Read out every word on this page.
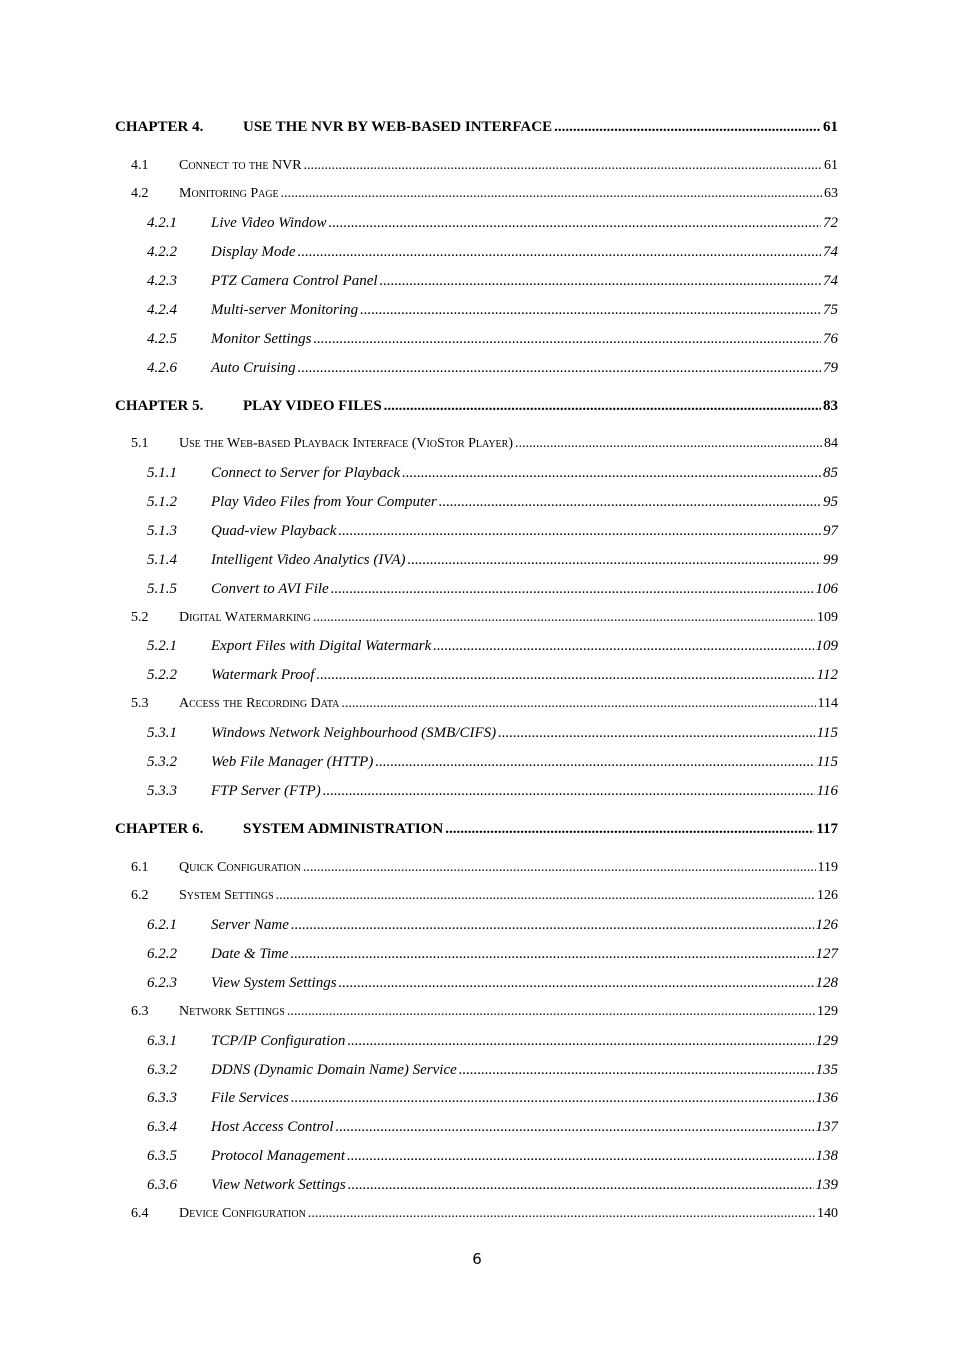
CHAPTER 4.	USE THE NVR BY WEB-BASED INTERFACE .....	61
4.1	Connect to the NVR .....	61
4.2	Monitoring Page .....	63
4.2.1	Live Video Window .....	72
4.2.2	Display Mode .....	74
4.2.3	PTZ Camera Control Panel .....	74
4.2.4	Multi-server Monitoring .....	75
4.2.5	Monitor Settings .....	76
4.2.6	Auto Cruising .....	79
CHAPTER 5.	PLAY VIDEO FILES .....	83
5.1	Use the Web-based Playback Interface (VioStor Player) .....	84
5.1.1	Connect to Server for Playback .....	85
5.1.2	Play Video Files from Your Computer .....	95
5.1.3	Quad-view Playback .....	97
5.1.4	Intelligent Video Analytics (IVA) .....	99
5.1.5	Convert to AVI File .....	106
5.2	Digital Watermarking .....	109
5.2.1	Export Files with Digital Watermark .....	109
5.2.2	Watermark Proof .....	112
5.3	Access the Recording Data .....	114
5.3.1	Windows Network Neighbourhood (SMB/CIFS) .....	115
5.3.2	Web File Manager (HTTP) .....	115
5.3.3	FTP Server (FTP) .....	116
CHAPTER 6.	SYSTEM ADMINISTRATION .....	117
6.1	Quick Configuration .....	119
6.2	System Settings .....	126
6.2.1	Server Name .....	126
6.2.2	Date & Time .....	127
6.2.3	View System Settings .....	128
6.3	Network Settings .....	129
6.3.1	TCP/IP Configuration .....	129
6.3.2	DDNS (Dynamic Domain Name) Service .....	135
6.3.3	File Services .....	136
6.3.4	Host Access Control .....	137
6.3.5	Protocol Management .....	138
6.3.6	View Network Settings .....	139
6.4	Device Configuration .....	140
6
